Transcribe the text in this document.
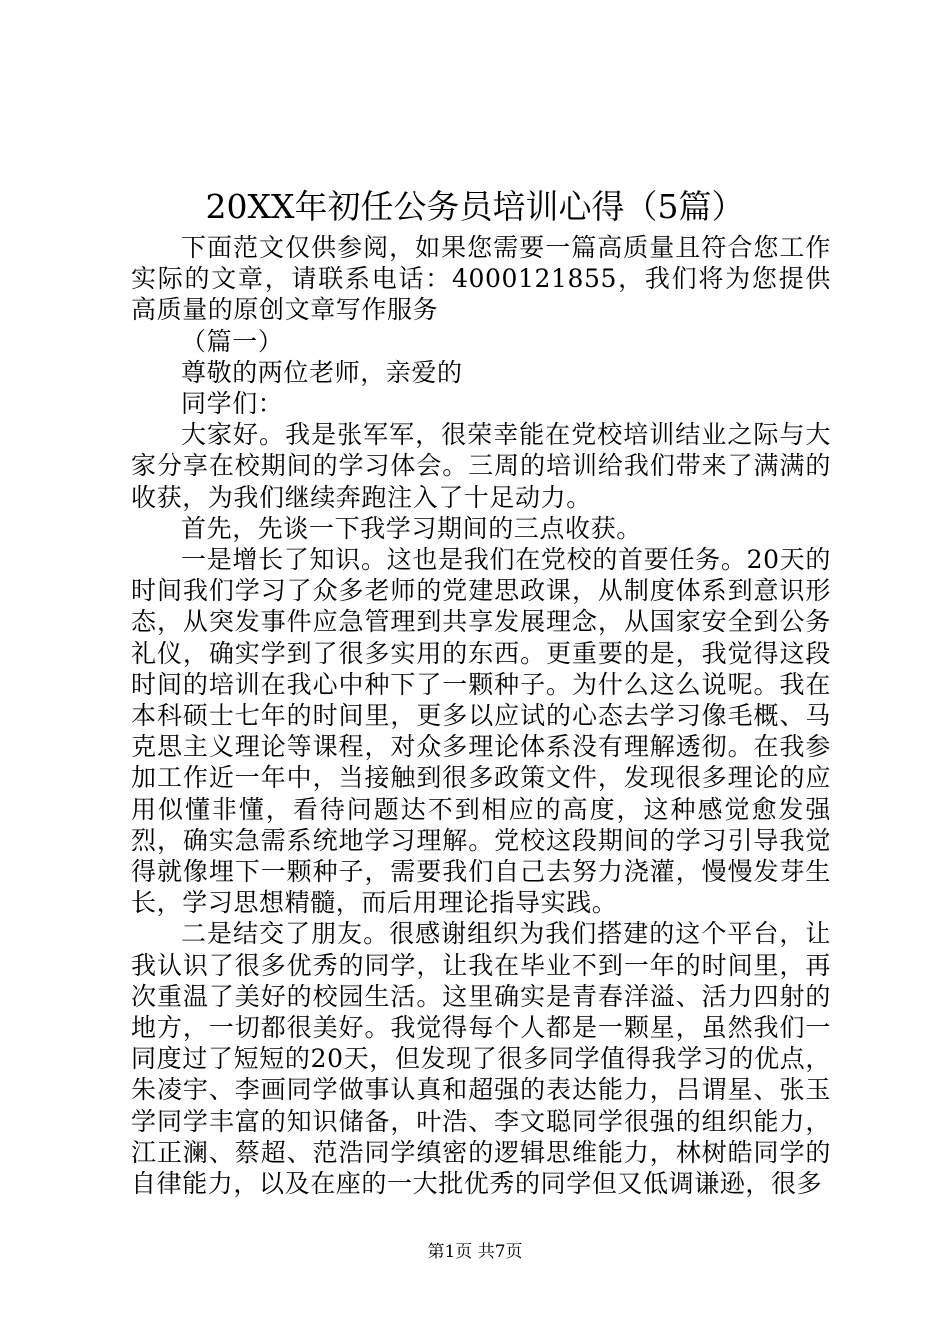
20XX年初任公务员培训心得（5篇）

下面范文仅供参阅，如果您需要一篇高质量且符合您工作实际的文章，请联系电话：4000121855，我们将为您提供高质量的原创文章写作服务

（篇一）

尊敬的两位老师，亲爱的

同学们：

大家好。我是张军军，很荣幸能在党校培训结业之际与大家分享在校期间的学习体会。三周的培训给我们带来了满满的收获，为我们继续奔跑注入了十足动力。

首先，先谈一下我学习期间的三点收获。

一是增长了知识。这也是我们在党校的首要任务。20天的时间我们学习了众多老师的党建思政课，从制度体系到意识形态，从突发事件应急管理到共享发展理念，从国家安全到公务礼仪，确实学到了很多实用的东西。更重要的是，我觉得这段时间的培训在我心中种下了一颗种子。为什么这么说呢。我在本科硕士七年的时间里，更多以应试的心态去学习像毛概、马克思主义理论等课程，对众多理论体系没有理解透彻。在我参加工作近一年中，当接触到很多政策文件，发现很多理论的应用似懂非懂，看待问题达不到相应的高度，这种感觉愈发强烈，确实急需系统地学习理解。党校这段期间的学习引导我觉得就像埋下一颗种子，需要我们自己去努力浇灌，慢慢发芽生长，学习思想精髓，而后用理论指导实践。

二是结交了朋友。很感谢组织为我们搭建的这个平台，让我认识了很多优秀的同学，让我在毕业不到一年的时间里，再次重温了美好的校园生活。这里确实是青春洋溢、活力四射的地方，一切都很美好。我觉得每个人都是一颗星，虽然我们一同度过了短短的20天，但发现了很多同学值得我学习的优点，朱凌宇、李画同学做事认真和超强的表达能力，吕谓星、张玉学同学丰富的知识储备，叶浩、李文聪同学很强的组织能力，江正澜、蔡超、范浩同学缜密的逻辑思维能力，林树皓同学的自律能力，以及在座的一大批优秀的同学但又低调谦逊，很多

第1页 共7页
